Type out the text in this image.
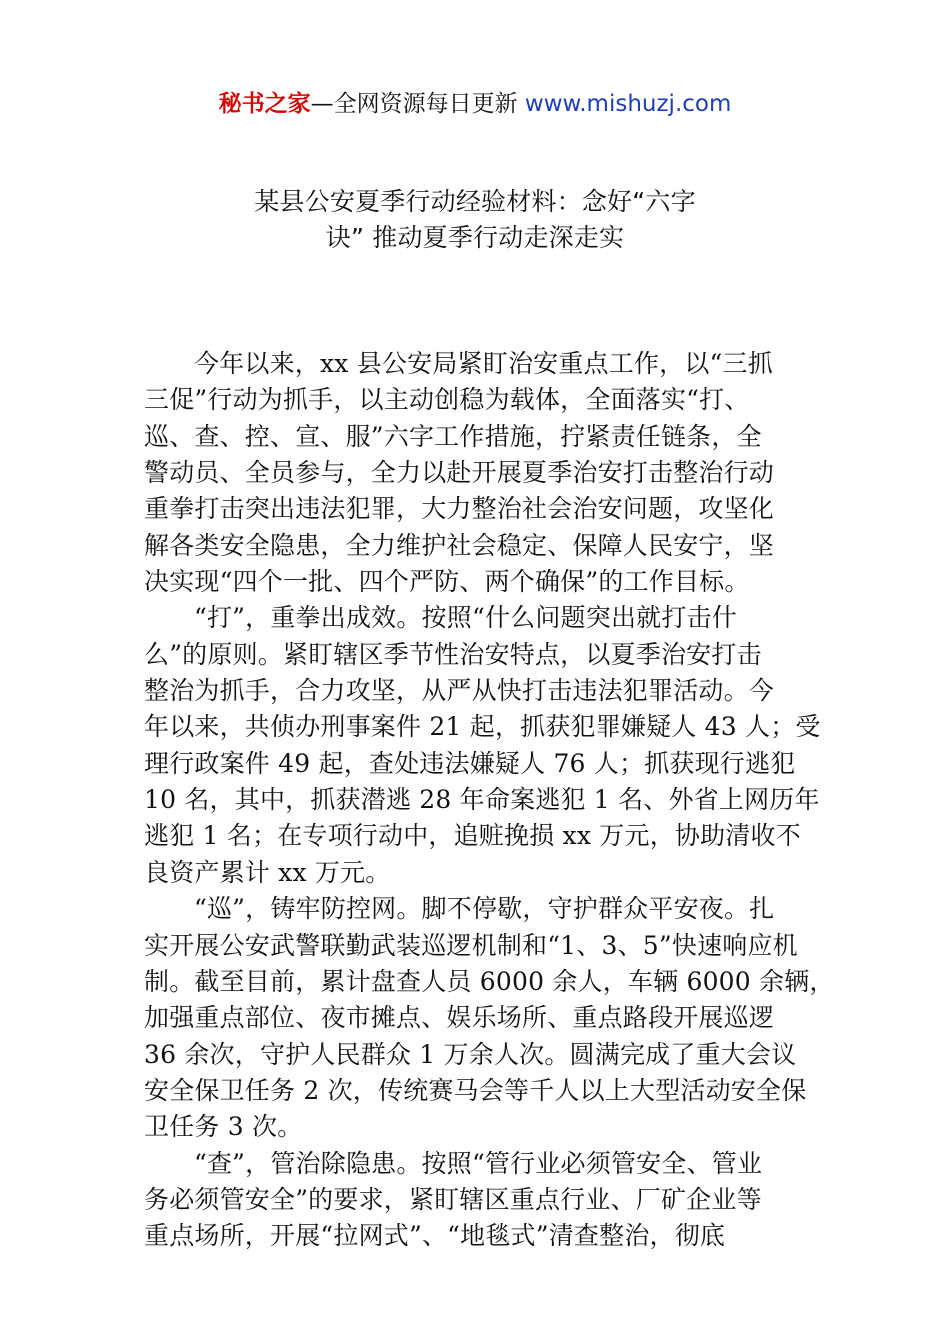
秘书之家—全网资源每日更新 www.mishuzj.com
某县公安夏季行动经验材料：念好“六字
诀” 推动夏季行动走深走实
今年以来，xx 县公安局紧盯治安重点工作，以“三抓
三促”行动为抓手，以主动创稳为载体，全面落实“打、
巡、查、控、宣、服”六字工作措施，拧紧责任链条，全
警动员、全员参与，全力以赴开展夏季治安打击整治行动
重拳打击突出违法犯罪，大力整治社会治安问题，攻坚化
解各类安全隐患，全力维护社会稳定、保障人民安宁，坚
决实现“四个一批、四个严防、两个确保”的工作目标。
“打”，重拳出成效。按照“什么问题突出就打击什
么”的原则。紧盯辖区季节性治安特点，以夏季治安打击
整治为抓手，合力攻坚，从严从快打击违法犯罪活动。今
年以来，共侦办刑事案件 21 起，抓获犯罪嫌疑人 43 人；受
理行政案件 49 起，查处违法嫌疑人 76 人；抓获现行逃犯
10 名，其中，抓获潜逃 28 年命案逃犯 1 名、外省上网历年
逃犯 1 名；在专项行动中，追赃挽损 xx 万元，协助清收不
良资产累计 xx 万元。
“巡”，铸牢防控网。脚不停歇，守护群众平安夜。扎
实开展公安武警联勤武装巡逻机制和“1、3、5”快速响应机
制。截至目前，累计盘查人员 6000 余人，车辆 6000 余辆，
加强重点部位、夜市摊点、娱乐场所、重点路段开展巡逻
36 余次，守护人民群众 1 万余人次。圆满完成了重大会议
安全保卫任务 2 次，传统赛马会等千人以上大型活动安全保
卫任务 3 次。
“查”，管治除隐患。按照“管行业必须管安全、管业
务必须管安全”的要求，紧盯辖区重点行业、厂矿企业等
重点场所，开展“拉网式”、“地毯式”清查整治，彻底
